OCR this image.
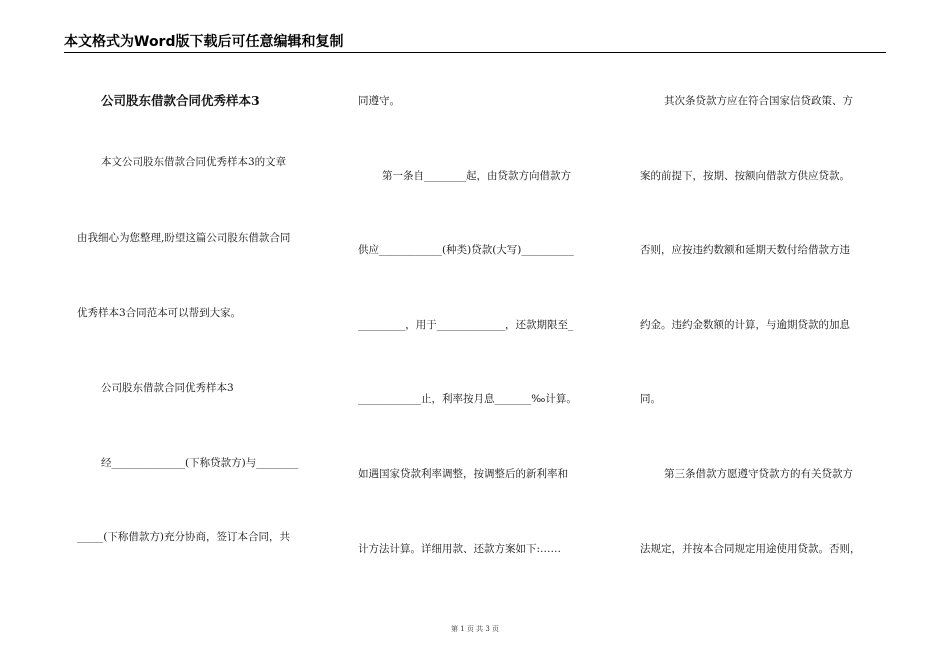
本文格式为Word版下载后可任意编辑和复制
公司股东借款合同优秀样本3
本文公司股东借款合同优秀样本3的文章
由我细心为您整理,盼望这篇公司股东借款合同
优秀样本3合同范本可以帮到大家。
公司股东借款合同优秀样本3
经______________(下称贷款方)与________
_____(下称借款方)充分协商，签订本合同，共
同遵守。
第一条自________起，由贷款方向借款方
供应____________(种类)贷款(大写)__________
_________，用于_____________，还款期限至_
____________止，利率按月息_______‰计算。
如遇国家贷款利率调整，按调整后的新利率和
计方法计算。详细用款、还款方案如下:……
其次条贷款方应在符合国家信贷政策、方
案的前提下，按期、按额向借款方供应贷款。
否则，应按违约数额和延期天数付给借款方违
约金。违约金数额的计算，与逾期贷款的加息
同。
第三条借款方愿遵守贷款方的有关贷款方
法规定，并按本合同规定用途使用贷款。否则，
第 1 页 共 3 页
